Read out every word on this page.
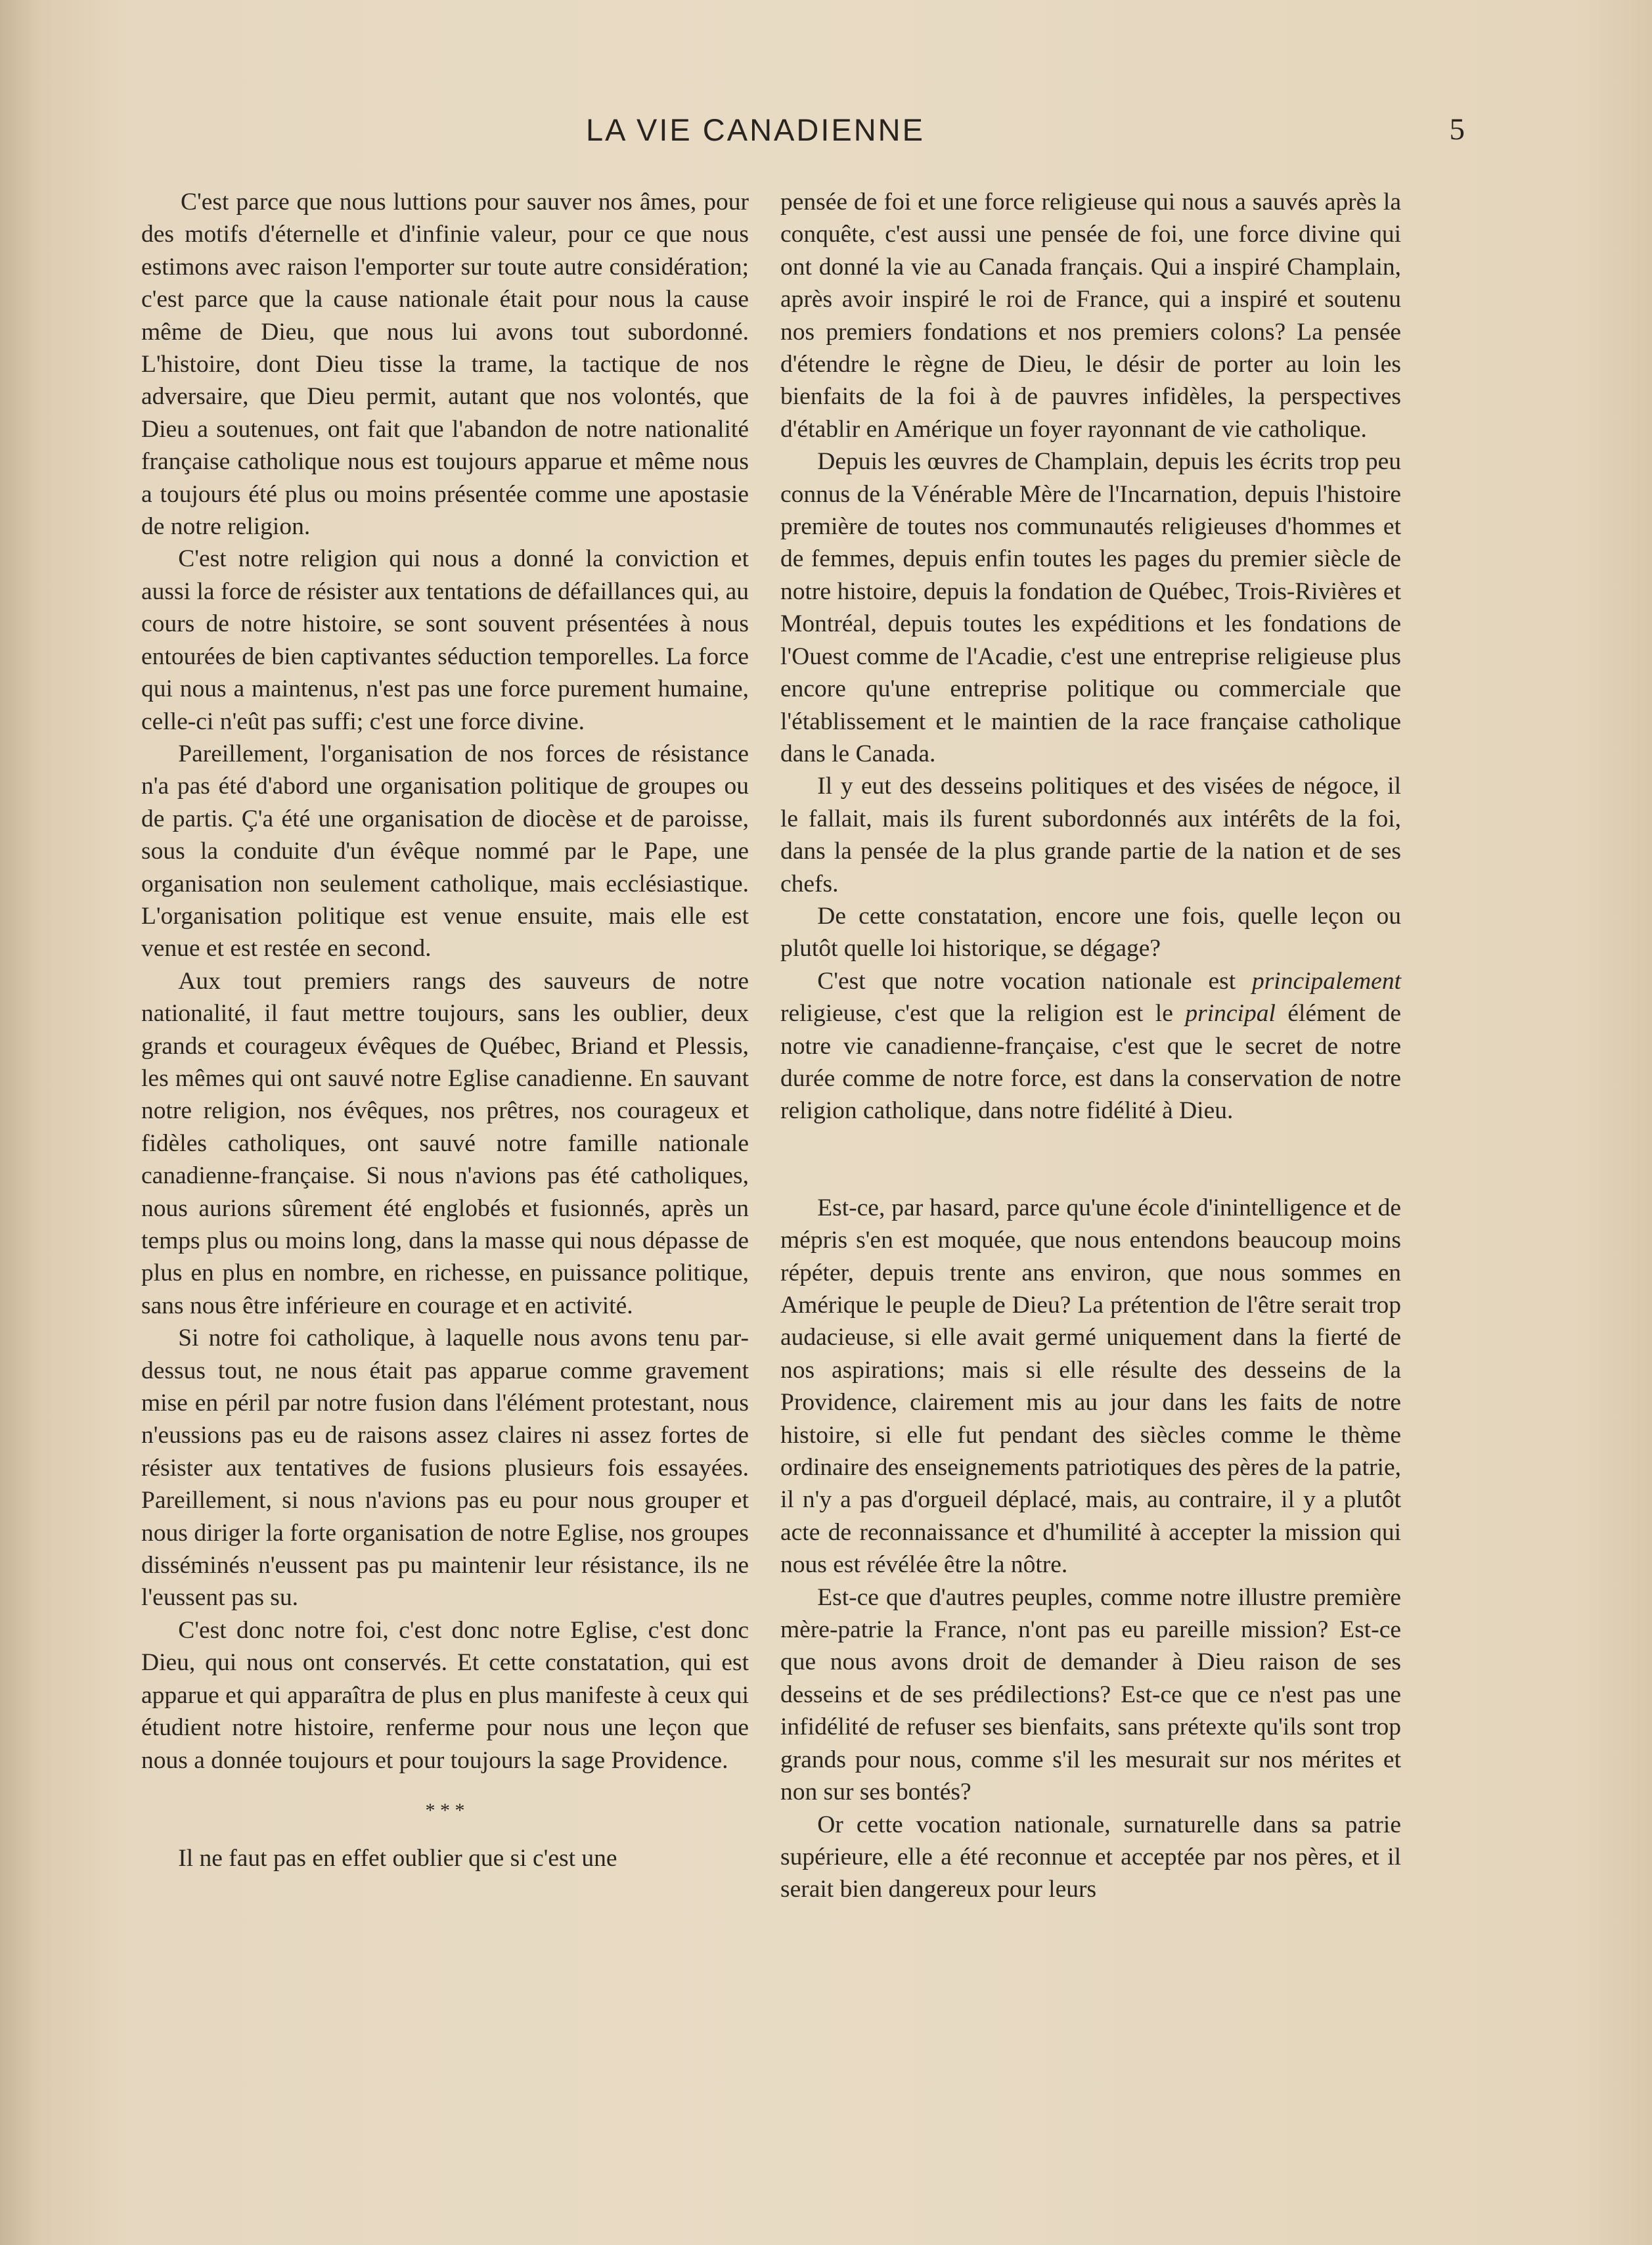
LA VIE CANADIENNE	5

C'est parce que nous luttions pour sauver nos âmes, pour des motifs d'éternelle et d'infinie valeur, pour ce que nous estimons avec raison l'emporter sur toute autre considération; c'est parce que la cause nationale était pour nous la cause même de Dieu, que nous lui avons tout subordonné. L'histoire, dont Dieu tisse la trame, la tactique de nos adversaire, que Dieu permit, autant que nos volontés, que Dieu a soutenues, ont fait que l'abandon de notre nationalité française catholique nous est toujours apparue et même nous a toujours été plus ou moins présentée comme une apostasie de notre religion.

C'est notre religion qui nous a donné la conviction et aussi la force de résister aux tentations de défaillances qui, au cours de notre histoire, se sont souvent présentées à nous entourées de bien captivantes séduction temporelles. La force qui nous a maintenus, n'est pas une force purement humaine, celle-ci n'eût pas suffi; c'est une force divine.

Pareillement, l'organisation de nos forces de résistance n'a pas été d'abord une organisation politique de groupes ou de partis. Ç'a été une organisation de diocèse et de paroisse, sous la conduite d'un évêque nommé par le Pape, une organisation non seulement catholique, mais ecclésiastique. L'organisation politique est venue ensuite, mais elle est venue et est restée en second.

Aux tout premiers rangs des sauveurs de notre nationalité, il faut mettre toujours, sans les oublier, deux grands et courageux évêques de Québec, Briand et Plessis, les mêmes qui ont sauvé notre Eglise canadienne. En sauvant notre religion, nos évêques, nos prêtres, nos courageux et fidèles catholiques, ont sauvé notre famille nationale canadienne-française. Si nous n'avions pas été catholiques, nous aurions sûrement été englobés et fusionnés, après un temps plus ou moins long, dans la masse qui nous dépasse de plus en plus en nombre, en richesse, en puissance politique, sans nous être inférieure en courage et en activité.

Si notre foi catholique, à laquelle nous avons tenu par-dessus tout, ne nous était pas apparue comme gravement mise en péril par notre fusion dans l'élément protestant, nous n'eussions pas eu de raisons assez claires ni assez fortes de résister aux tentatives de fusions plusieurs fois essayées. Pareillement, si nous n'avions pas eu pour nous grouper et nous diriger la forte organisation de notre Eglise, nos groupes disséminés n'eussent pas pu maintenir leur résistance, ils ne l'eussent pas su.

C'est donc notre foi, c'est donc notre Eglise, c'est donc Dieu, qui nous ont conservés. Et cette constatation, qui est apparue et qui apparaîtra de plus en plus manifeste à ceux qui étudient notre histoire, renferme pour nous une leçon que nous a donnée toujours et pour toujours la sage Providence.

* * *

Il ne faut pas en effet oublier que si c'est une

pensée de foi et une force religieuse qui nous a sauvés après la conquête, c'est aussi une pensée de foi, une force divine qui ont donné la vie au Canada français. Qui a inspiré Champlain, après avoir inspiré le roi de France, qui a inspiré et soutenu nos premiers fondations et nos premiers colons? La pensée d'étendre le règne de Dieu, le désir de porter au loin les bienfaits de la foi à de pauvres infidèles, la perspectives d'établir en Amérique un foyer rayonnant de vie catholique.

Depuis les œuvres de Champlain, depuis les écrits trop peu connus de la Vénérable Mère de l'Incarnation, depuis l'histoire première de toutes nos communautés religieuses d'hommes et de femmes, depuis enfin toutes les pages du premier siècle de notre histoire, depuis la fondation de Québec, Trois-Rivières et Montréal, depuis toutes les expéditions et les fondations de l'Ouest comme de l'Acadie, c'est une entreprise religieuse plus encore qu'une entreprise politique ou commerciale que l'établissement et le maintien de la race française catholique dans le Canada.

Il y eut des desseins politiques et des visées de négoce, il le fallait, mais ils furent subordonnés aux intérêts de la foi, dans la pensée de la plus grande partie de la nation et de ses chefs.

De cette constatation, encore une fois, quelle leçon ou plutôt quelle loi historique, se dégage?

C'est que notre vocation nationale est principalement religieuse, c'est que la religion est le principal élément de notre vie canadienne-française, c'est que le secret de notre durée comme de notre force, est dans la conservation de notre religion catholique, dans notre fidélité à Dieu.

Est-ce, par hasard, parce qu'une école d'inintelligence et de mépris s'en est moquée, que nous entendons beaucoup moins répéter, depuis trente ans environ, que nous sommes en Amérique le peuple de Dieu? La prétention de l'être serait trop audacieuse, si elle avait germé uniquement dans la fierté de nos aspirations; mais si elle résulte des desseins de la Providence, clairement mis au jour dans les faits de notre histoire, si elle fut pendant des siècles comme le thème ordinaire des enseignements patriotiques des pères de la patrie, il n'y a pas d'orgueil déplacé, mais, au contraire, il y a plutôt acte de reconnaissance et d'humilité à accepter la mission qui nous est révélée être la nôtre.

Est-ce que d'autres peuples, comme notre illustre première mère-patrie la France, n'ont pas eu pareille mission? Est-ce que nous avons droit de demander à Dieu raison de ses desseins et de ses prédilections? Est-ce que ce n'est pas une infidélité de refuser ses bienfaits, sans prétexte qu'ils sont trop grands pour nous, comme s'il les mesurait sur nos mérites et non sur ses bontés?

Or cette vocation nationale, surnaturelle dans sa patrie supérieure, elle a été reconnue et acceptée par nos pères, et il serait bien dangereux pour leurs
